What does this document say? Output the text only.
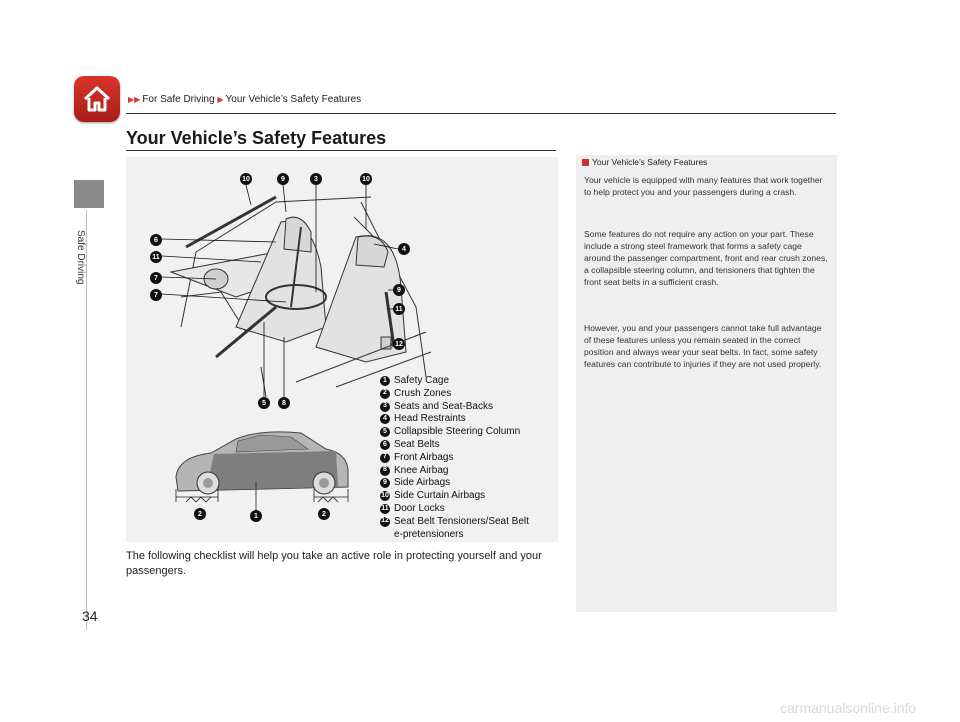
▶▶ For Safe Driving ▶ Your Vehicle’s Safety Features
Safe Driving
Your Vehicle’s Safety Features
10	9	3	10
6
11
7
7
4
9
11
12
5	8
2	1	2
1 Safety Cage
2 Crush Zones
3 Seats and Seat-Backs
4 Head Restraints
5 Collapsible Steering Column
6 Seat Belts
7 Front Airbags
8 Knee Airbag
9 Side Airbags
10 Side Curtain Airbags
11 Door Locks
12 Seat Belt Tensioners/Seat Belt e-pretensioners
The following checklist will help you take an active role in protecting yourself and your passengers.
Your Vehicle’s Safety Features
Your vehicle is equipped with many features that work together to help protect you and your passengers during a crash.
Some features do not require any action on your part. These include a strong steel framework that forms a safety cage around the passenger compartment, front and rear crush zones, a collapsible steering column, and tensioners that tighten the front seat belts in a sufficient crash.
However, you and your passengers cannot take full advantage of these features unless you remain seated in the correct position and always wear your seat belts. In fact, some safety features can contribute to injuries if they are not used properly.
34
carmanualsonline.info
